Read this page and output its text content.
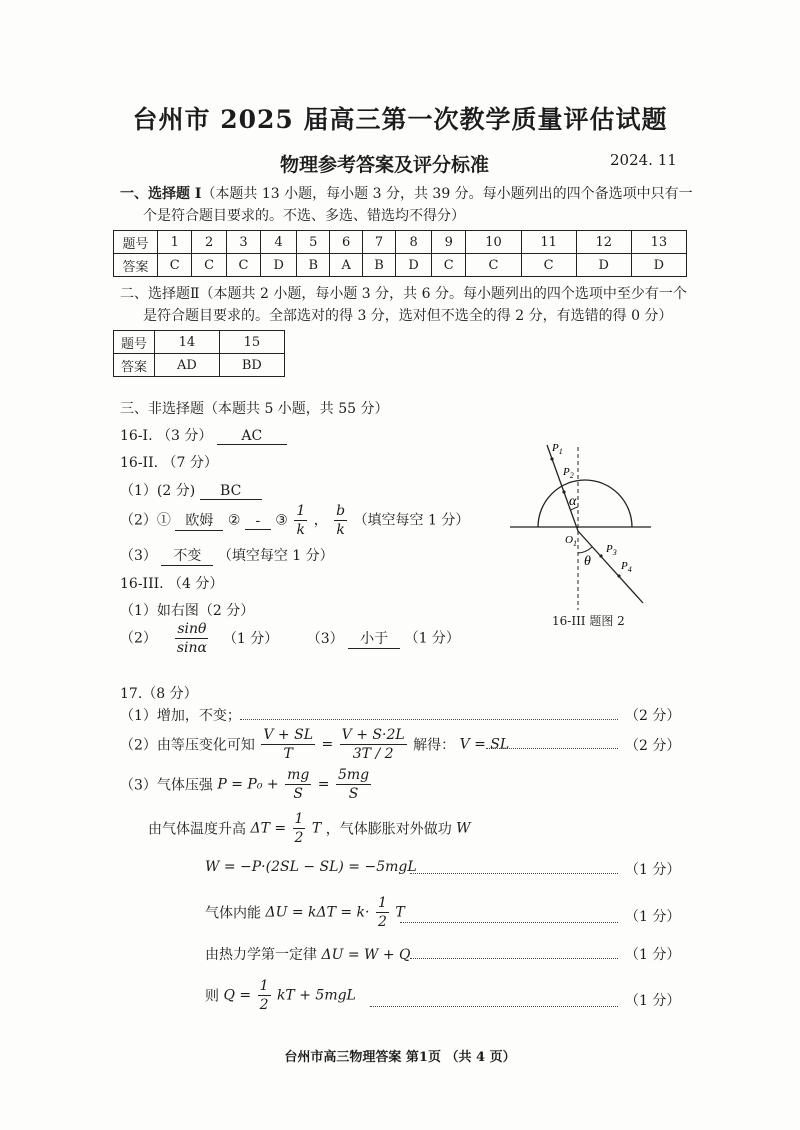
台州市 2025 届高三第一次教学质量评估试题
物理参考答案及评分标准	2024. 11
一、选择题 Ⅰ（本题共 13 小题，每小题 3 分，共 39 分。每小题列出的四个备选项中只有一
个是符合题目要求的。不选、多选、错选均不得分）
题号	1	2	3	4	5	6	7	8	9	10	11	12	13
答案	C	C	C	D	B	A	B	D	C	C	C	D	D
二、选择题Ⅱ（本题共 2 小题，每小题 3 分，共 6 分。每小题列出的四个选项中至少有一个
是符合题目要求的。全部选对的得 3 分，选对但不选全的得 2 分，有选错的得 0 分）
题号	14	15
答案	AD	BD
三、非选择题（本题共 5 小题，共 55 分）
16-I. （3 分） AC
16-II. （7 分）
（1）(2 分) BC
（2）① 欧姆 ② - ③ $\frac{1}{k}$ ， $\frac{b}{k}$ （填空每空 1 分）
（3） 不变 （填空每空 1 分）
16-III. （4 分）
（1）如右图（2 分）
$(2) \frac{\sin\theta}{\sin\alpha} (1$ 分） （3） 小于 （1 分）
$P_1$
$P_2$
α
$O_1$
θ
$P_3$
$P_4$
16-III 题图 2
17.（8 分）
（1）增加，不变；	（2 分）
（2）由等压变化可知 $\frac{V + SL}{T} = \frac{V + S\cdot 2L}{3T / 2}$ 解得： V = SL	（2 分）
（3）气体压强 $P = P_0 + \frac{mg}{S} = \frac{5mg}{S}$
由气体温度升高 $\Delta T = \frac{1}{2}$ T ，气体膨胀对外做功 W
W = −P·(2SL − SL) = −5mgL	（1 分）
气体内能 $\Delta U = k\Delta T = k\cdot \frac{1}{2}$ T	（1 分）
由热力学第一定律 ΔU = W + Q	（1 分）
则 $Q = \frac{1}{2}$ kT + 5mgL	（1 分）
台州市高三物理答案 第1页 （共 4 页）
